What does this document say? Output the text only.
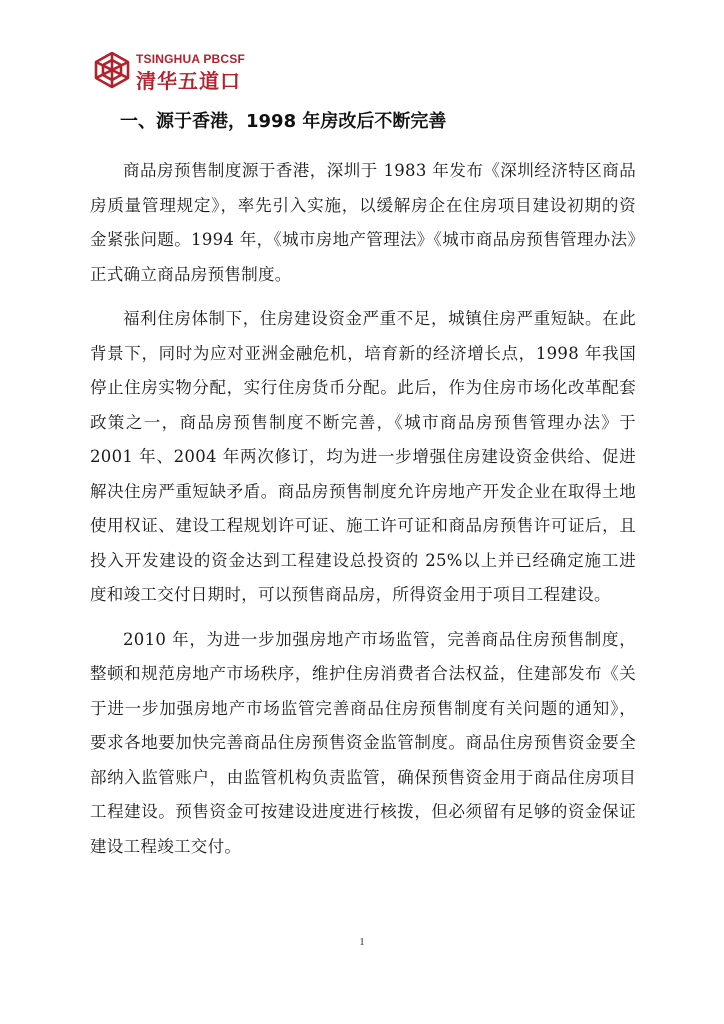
TSINGHUA PBCSF
清华五道口
一、源于香港，1998 年房改后不断完善

商品房预售制度源于香港，深圳于 1983 年发布《深圳经济特区商品房质量管理规定》，率先引入实施，以缓解房企在住房项目建设初期的资金紧张问题。1994 年，《城市房地产管理法》《城市商品房预售管理办法》正式确立商品房预售制度。

福利住房体制下，住房建设资金严重不足，城镇住房严重短缺。在此背景下，同时为应对亚洲金融危机，培育新的经济增长点，1998 年我国停止住房实物分配，实行住房货币分配。此后，作为住房市场化改革配套政策之一，商品房预售制度不断完善，《城市商品房预售管理办法》于 2001 年、2004 年两次修订，均为进一步增强住房建设资金供给、促进解决住房严重短缺矛盾。商品房预售制度允许房地产开发企业在取得土地使用权证、建设工程规划许可证、施工许可证和商品房预售许可证后，且投入开发建设的资金达到工程建设总投资的 25%以上并已经确定施工进度和竣工交付日期时，可以预售商品房，所得资金用于项目工程建设。

2010 年，为进一步加强房地产市场监管，完善商品住房预售制度，整顿和规范房地产市场秩序，维护住房消费者合法权益，住建部发布《关于进一步加强房地产市场监管完善商品住房预售制度有关问题的通知》，要求各地要加快完善商品住房预售资金监管制度。商品住房预售资金要全部纳入监管账户，由监管机构负责监管，确保预售资金用于商品住房项目工程建设。预售资金可按建设进度进行核拨，但必须留有足够的资金保证建设工程竣工交付。

1
